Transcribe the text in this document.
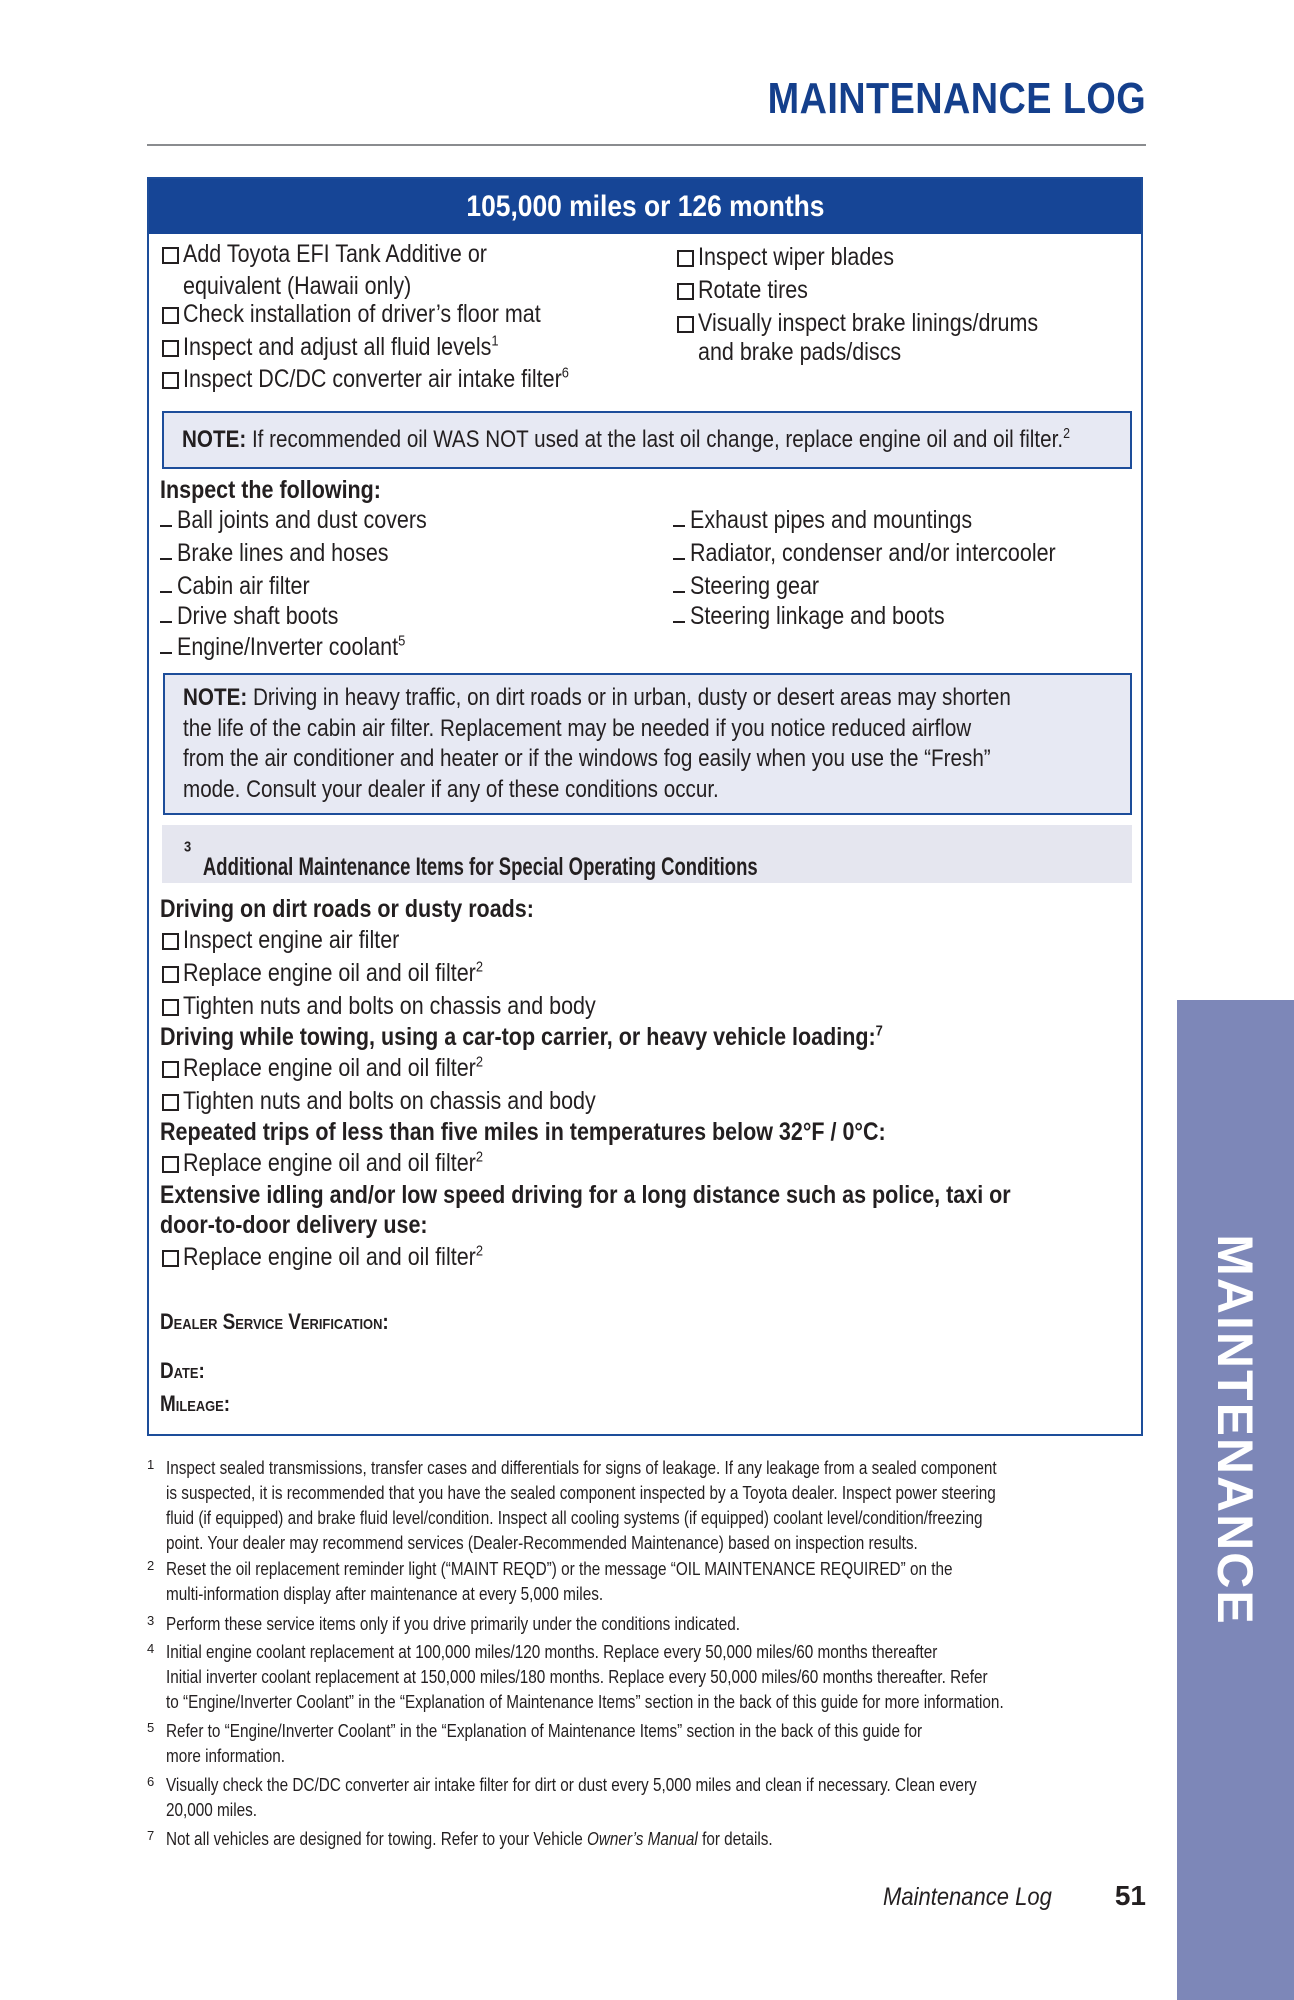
MAINTENANCE LOG
105,000 miles or 126 months
Add Toyota EFI Tank Additive or
equivalent (Hawaii only)
Check installation of driver’s floor mat
Inspect and adjust all fluid levels$^1$
Inspect DC/DC converter air intake filter$^6$
Inspect wiper blades
Rotate tires
Visually inspect brake linings/drums
and brake pads/discs
NOTE: If recommended oil WAS NOT used at the last oil change, replace engine oil and oil filter.$^2$
Inspect the following:
Ball joints and dust covers
Brake lines and hoses
Cabin air filter
Drive shaft boots
Engine/Inverter coolant$^5$
Exhaust pipes and mountings
Radiator, condenser and/or intercooler
Steering gear
Steering linkage and boots
NOTE: Driving in heavy traffic, on dirt roads or in urban, dusty or desert areas may shorten
the life of the cabin air filter. Replacement may be needed if you notice reduced airflow
from the air conditioner and heater or if the windows fog easily when you use the “Fresh”
mode. Consult your dealer if any of these conditions occur.
Additional Maintenance Items for Special Operating Conditions
$^3$
Driving on dirt roads or dusty roads:
Inspect engine air filter
Replace engine oil and oil filter$^2$
Tighten nuts and bolts on chassis and body
Driving while towing, using a car-top carrier, or heavy vehicle loading:$^7$
Replace engine oil and oil filter$^2$
Tighten nuts and bolts on chassis and body
Repeated trips of less than five miles in temperatures below 32°F / 0°C:
Replace engine oil and oil filter$^2$
Extensive idling and/or low speed driving for a long distance such as police, taxi or
door-to-door delivery use:
Replace engine oil and oil filter$^2$
Dealer Service Verification:
Date:
Mileage:
1 Inspect sealed transmissions, transfer cases and differentials for signs of leakage. If any leakage from a sealed component
is suspected, it is recommended that you have the sealed component inspected by a Toyota dealer. Inspect power steering
fluid (if equipped) and brake fluid level/condition. Inspect all cooling systems (if equipped) coolant level/condition/freezing
point. Your dealer may recommend services (Dealer-Recommended Maintenance) based on inspection results.
2 Reset the oil replacement reminder light (“MAINT REQD”) or the message “OIL MAINTENANCE REQUIRED” on the
multi-information display after maintenance at every 5,000 miles.
3 Perform these service items only if you drive primarily under the conditions indicated.
4 Initial engine coolant replacement at 100,000 miles/120 months. Replace every 50,000 miles/60 months thereafter
Initial inverter coolant replacement at 150,000 miles/180 months. Replace every 50,000 miles/60 months thereafter. Refer
to “Engine/Inverter Coolant” in the “Explanation of Maintenance Items” section in the back of this guide for more information.
5 Refer to “Engine/Inverter Coolant” in the “Explanation of Maintenance Items” section in the back of this guide for
more information.
6 Visually check the DC/DC converter air intake filter for dirt or dust every 5,000 miles and clean if necessary. Clean every
20,000 miles.
7 Not all vehicles are designed for towing. Refer to your Vehicle Owner’s Manual for details.
Maintenance Log 51
MAINTENANCE
